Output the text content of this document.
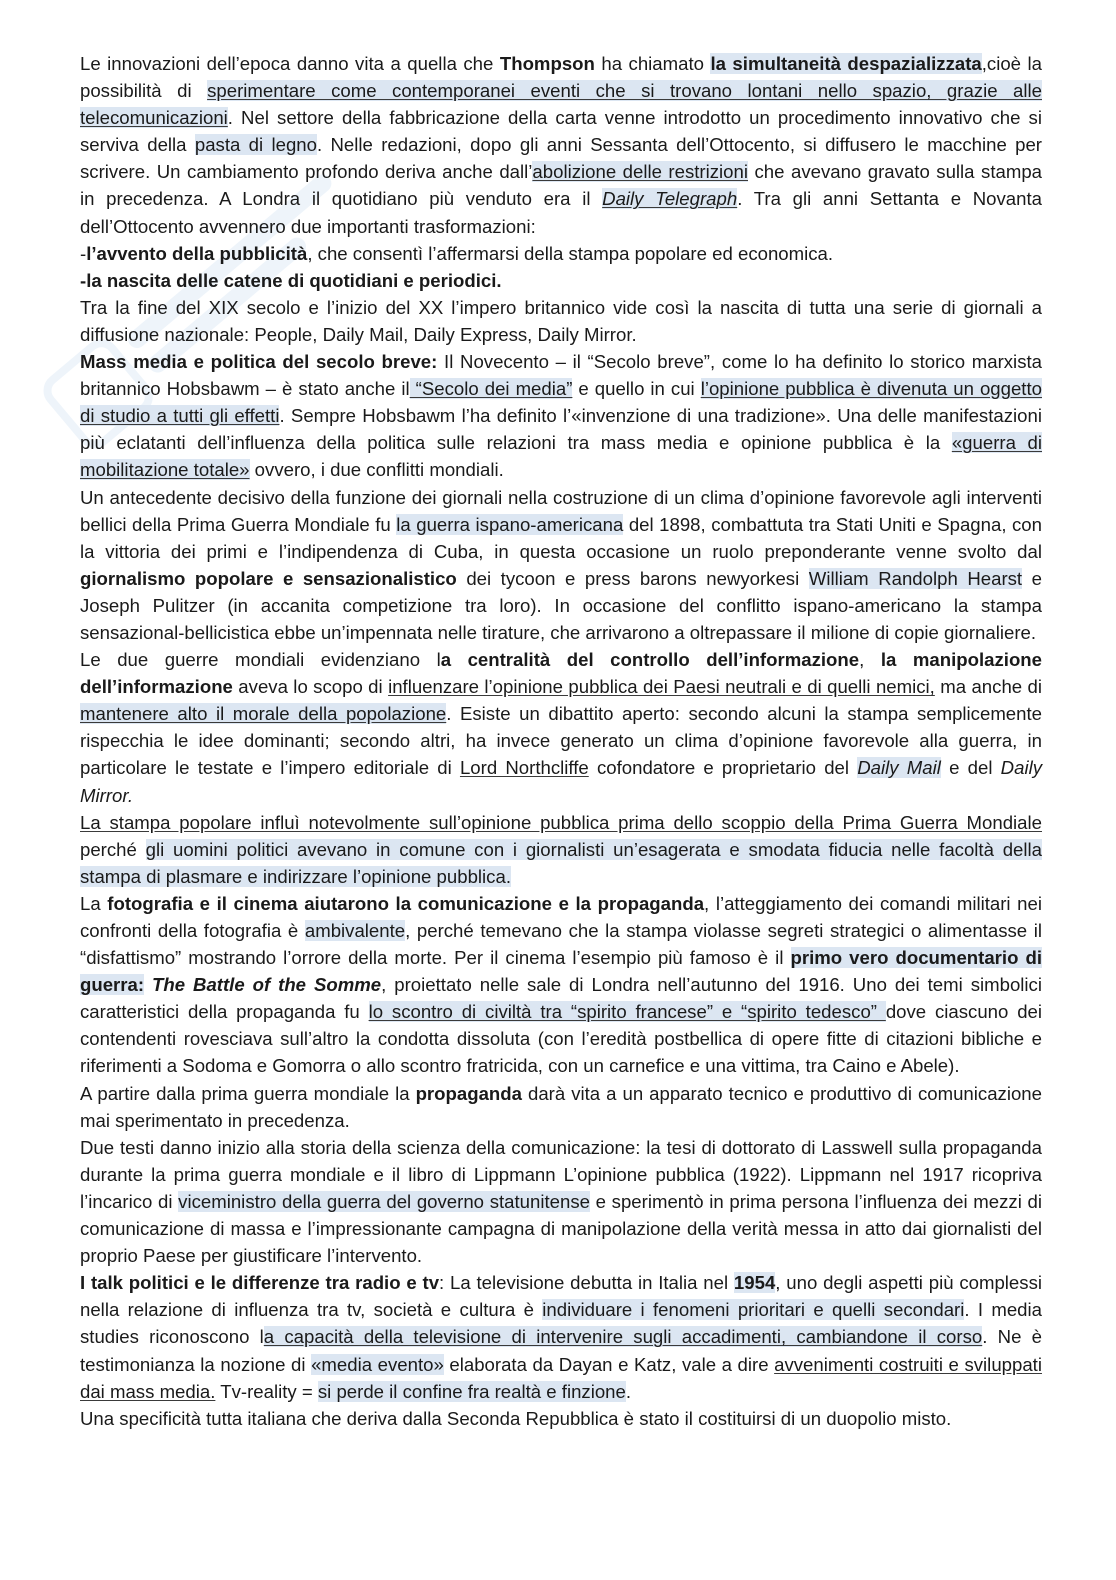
Le innovazioni dell’epoca danno vita a quella che Thompson ha chiamato la simultaneità despazializzata,cioè la possibilità di sperimentare come contemporanei eventi che si trovano lontani nello spazio, grazie alle telecomunicazioni. Nel settore della fabbricazione della carta venne introdotto un procedimento innovativo che si serviva della pasta di legno. Nelle redazioni, dopo gli anni Sessanta dell’Ottocento, si diffusero le macchine per scrivere. Un cambiamento profondo deriva anche dall’abolizione delle restrizioni che avevano gravato sulla stampa in precedenza. A Londra il quotidiano più venduto era il Daily Telegraph. Tra gli anni Settanta e Novanta dell’Ottocento avvennero due importanti trasformazioni:

-l’avvento della pubblicità, che consentì l’affermarsi della stampa popolare ed economica.

-la nascita delle catene di quotidiani e periodici.

Tra la fine del XIX secolo e l’inizio del XX l’impero britannico vide così la nascita di tutta una serie di giornali a diffusione nazionale: People, Daily Mail, Daily Express, Daily Mirror.

Mass media e politica del secolo breve: Il Novecento – il “Secolo breve”, come lo ha definito lo storico marxista britannico Hobsbawm – è stato anche il “Secolo dei media” e quello in cui l’opinione pubblica è divenuta un oggetto di studio a tutti gli effetti. Sempre Hobsbawm l’ha definito l’«invenzione di una tradizione». Una delle manifestazioni più eclatanti dell’influenza della politica sulle relazioni tra mass media e opinione pubblica è la «guerra di mobilitazione totale» ovvero, i due conflitti mondiali.

Un antecedente decisivo della funzione dei giornali nella costruzione di un clima d’opinione favorevole agli interventi bellici della Prima Guerra Mondiale fu la guerra ispano-americana del 1898, combattuta tra Stati Uniti e Spagna, con la vittoria dei primi e l’indipendenza di Cuba, in questa occasione un ruolo preponderante venne svolto dal giornalismo popolare e sensazionalistico dei tycoon e press barons newyorkesi William Randolph Hearst e Joseph Pulitzer (in accanita competizione tra loro). In occasione del conflitto ispano-americano la stampa sensazional-bellicistica ebbe un’impennata nelle tirature, che arrivarono a oltrepassare il milione di copie giornaliere.

Le due guerre mondiali evidenziano la centralità del controllo dell’informazione, la manipolazione dell’informazione aveva lo scopo di influenzare l’opinione pubblica dei Paesi neutrali e di quelli nemici, ma anche di mantenere alto il morale della popolazione. Esiste un dibattito aperto: secondo alcuni la stampa semplicemente rispecchia le idee dominanti; secondo altri, ha invece generato un clima d’opinione favorevole alla guerra, in particolare le testate e l’impero editoriale di Lord Northcliffe cofondatore e proprietario del Daily Mail e del Daily Mirror.

La stampa popolare influì notevolmente sull’opinione pubblica prima dello scoppio della Prima Guerra Mondiale perché gli uomini politici avevano in comune con i giornalisti un’esagerata e smodata fiducia nelle facoltà della stampa di plasmare e indirizzare l’opinione pubblica.

La fotografia e il cinema aiutarono la comunicazione e la propaganda, l’atteggiamento dei comandi militari nei confronti della fotografia è ambivalente, perché temevano che la stampa violasse segreti strategici o alimentasse il “disfattismo” mostrando l’orrore della morte. Per il cinema l’esempio più famoso è il primo vero documentario di guerra: The Battle of the Somme, proiettato nelle sale di Londra nell’autunno del 1916. Uno dei temi simbolici caratteristici della propaganda fu lo scontro di civiltà tra “spirito francese” e “spirito tedesco” dove ciascuno dei contendenti rovesciava sull’altro la condotta dissoluta (con l’eredità postbellica di opere fitte di citazioni bibliche e riferimenti a Sodoma e Gomorra o allo scontro fratricida, con un carnefice e una vittima, tra Caino e Abele).

A partire dalla prima guerra mondiale la propaganda darà vita a un apparato tecnico e produttivo di comunicazione mai sperimentato in precedenza.

Due testi danno inizio alla storia della scienza della comunicazione: la tesi di dottorato di Lasswell sulla propaganda durante la prima guerra mondiale e il libro di Lippmann L’opinione pubblica (1922). Lippmann nel 1917 ricopriva l’incarico di viceministro della guerra del governo statunitense e sperimentò in prima persona l’influenza dei mezzi di comunicazione di massa e l’impressionante campagna di manipolazione della verità messa in atto dai giornalisti del proprio Paese per giustificare l’intervento.

I talk politici e le differenze tra radio e tv: La televisione debutta in Italia nel 1954, uno degli aspetti più complessi nella relazione di influenza tra tv, società e cultura è individuare i fenomeni prioritari e quelli secondari. I media studies riconoscono la capacità della televisione di intervenire sugli accadimenti, cambiandone il corso. Ne è testimonianza la nozione di «media evento» elaborata da Dayan e Katz, vale a dire avvenimenti costruiti e sviluppati dai mass media. Tv-reality = si perde il confine fra realtà e finzione.

Una specificità tutta italiana che deriva dalla Seconda Repubblica è stato il costituirsi di un duopolio misto.
